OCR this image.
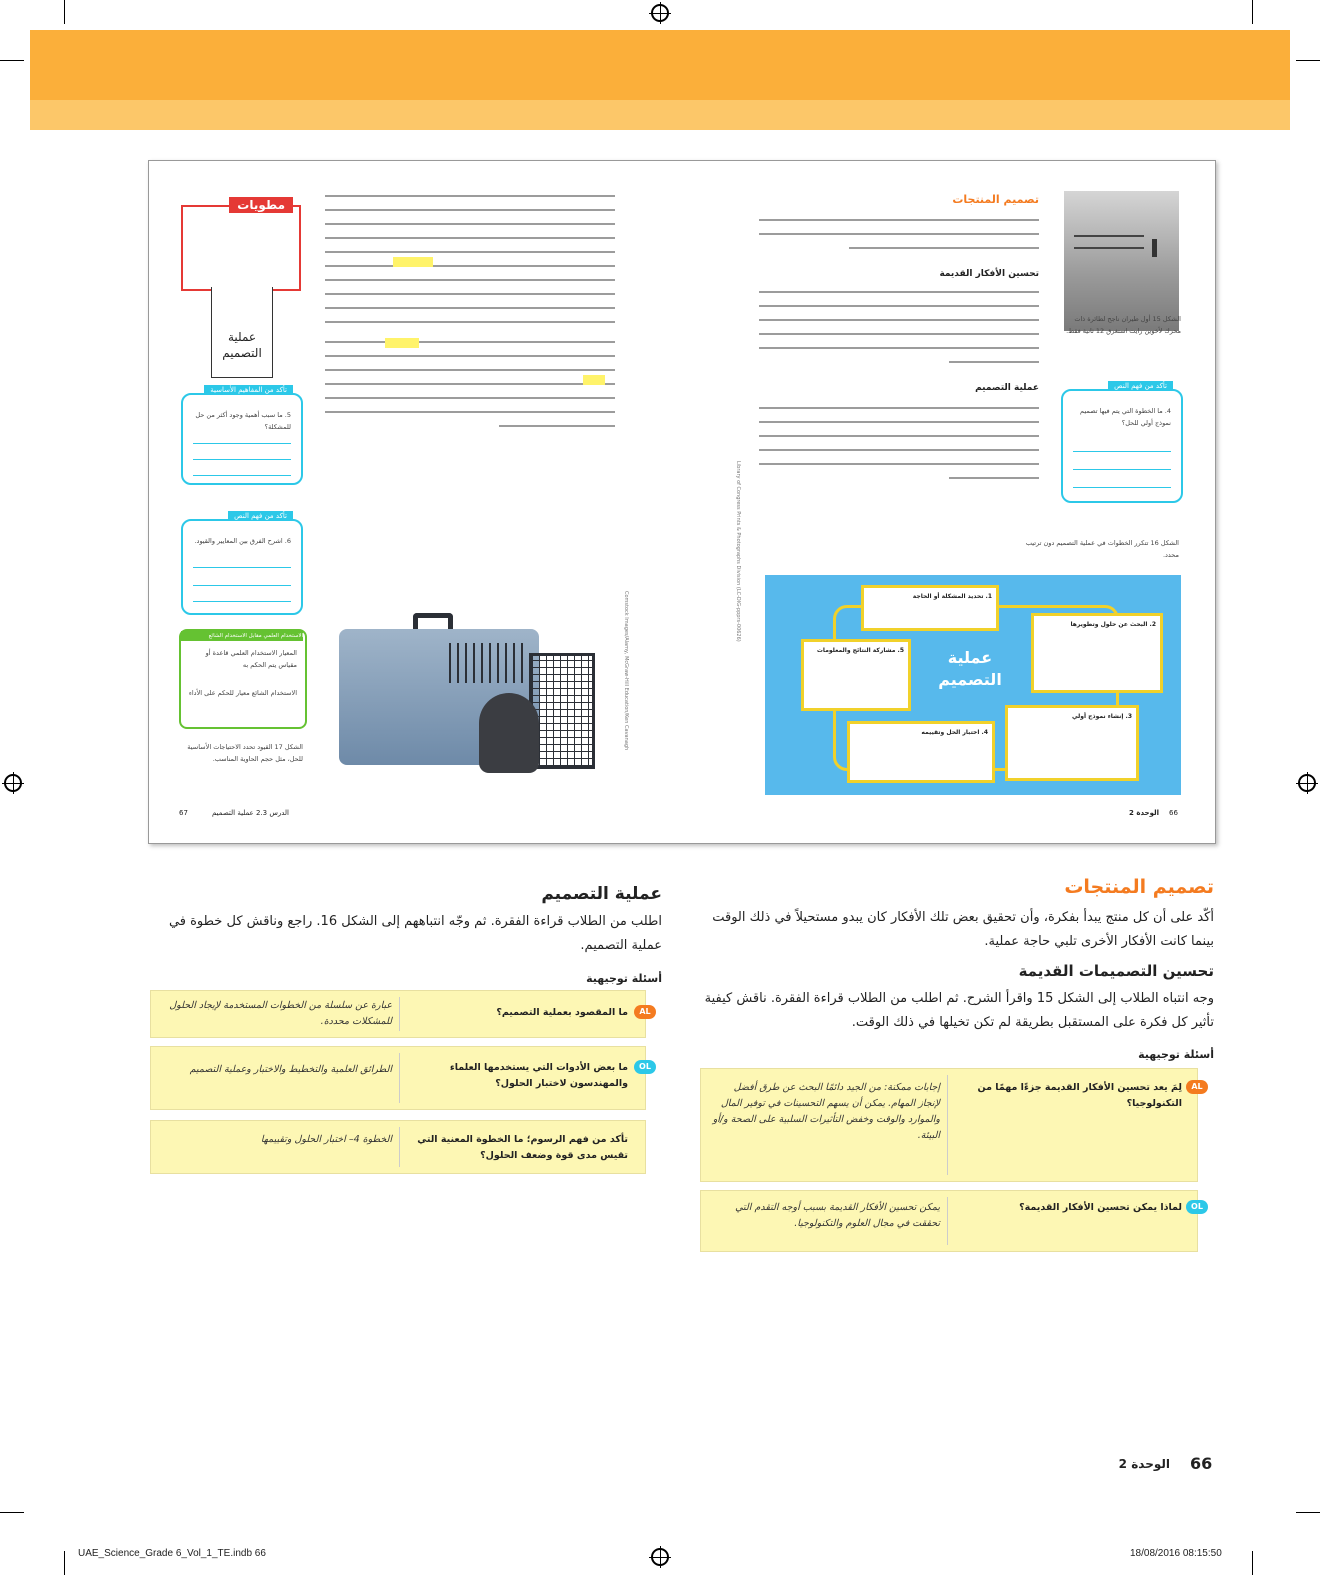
الشكل 15 أول طيران ناجح لطائرة ذات محرك لأخوين رايت استغرق 12 ثانية فقط.
تصميم المنتجات
تحسين الأفكار القديمة
عملية التصميم	تأكد من فهم النص
4. ما الخطوة التي يتم فيها تصميم نموذج أولي للحل؟
الشكل 16 تتكرر الخطوات في عملية التصميم دون ترتيب محدد.
Library of Congress Prints & Photographs Division (LC-DIG-ppprs-00626)
عملية التصميم
1. تحديد المشكلة أو الحاجة
2. البحث عن حلول وتطويرها
3. إنشاء نموذج أولي
4. اختبار الحل وتقييمه
5. مشاركة النتائج والمعلومات
66
الوحدة 2
مطويات
عملية التصميم
تأكد من المفاهيم الأساسية
5. ما سبب أهمية وجود أكثر من حل للمشكلة؟
تأكد من فهم النص
6. اشرح الفرق بين المعايير والقيود.
الاستخدام العلمي مقابل الاستخدام الشائع
المعيار الاستخدام العلمي قاعدة أو مقياس يتم الحكم به
الاستخدام الشائع معيار للحكم على الأداء
الشكل 17 القيود تحدد الاحتياجات الأساسية للحل، مثل حجم الحاوية المناسب.
Comstock Images/Alamy, McGraw-Hill Education/Ken Cavanagh
67	الدرس 2.3 عملية التصميم
تصميم المنتجات
أكّد على أن كل منتج يبدأ بفكرة، وأن تحقيق بعض تلك الأفكار كان يبدو مستحيلاً في ذلك الوقت بينما كانت الأفكار الأخرى تلبي حاجة عملية.
تحسين التصميمات القديمة
وجه انتباه الطلاب إلى الشكل 15 واقرأ الشرح. ثم اطلب من الطلاب قراءة الفقرة. ناقش كيفية تأثير كل فكرة على المستقبل بطريقة لم تكن تخيلها في ذلك الوقت.
أسئلة توجيهية
AL
لِمَ يعد تحسين الأفكار القديمة جزءًا مهمًا من التكنولوجيا؟
إجابات ممكنة: من الجيد دائمًا البحث عن طرق أفضل لإنجاز المهام. يمكن أن يسهم التحسينات في توفير المال والموارد والوقت وخفض التأثيرات السلبية على الصحة و/أو البيئة.
OL
لماذا يمكن تحسين الأفكار القديمة؟
يمكن تحسين الأفكار القديمة بسبب أوجه التقدم التي تحققت في مجال العلوم والتكنولوجيا.
عملية التصميم
اطلب من الطلاب قراءة الفقرة. ثم وجّه انتباههم إلى الشكل 16. راجع وناقش كل خطوة في عملية التصميم.
أسئلة توجيهية
AL
ما المقصود بعملية التصميم؟
عبارة عن سلسلة من الخطوات المستخدمة لإيجاد الحلول للمشكلات محددة.
OL
ما بعض الأدوات التي يستخدمها العلماء والمهندسون لاختبار الحلول؟
الطرائق العلمية والتخطيط والاختبار وعملية التصميم
تأكد من فهم الرسوم؛ ما الخطوة المعنية التي تقيس مدى قوة وضعف الحلول؟
الخطوة 4– اختبار الحلول وتقييمها
66
الوحدة 2
UAE_Science_Grade 6_Vol_1_TE.indb 66	18/08/2016 08:15:50
